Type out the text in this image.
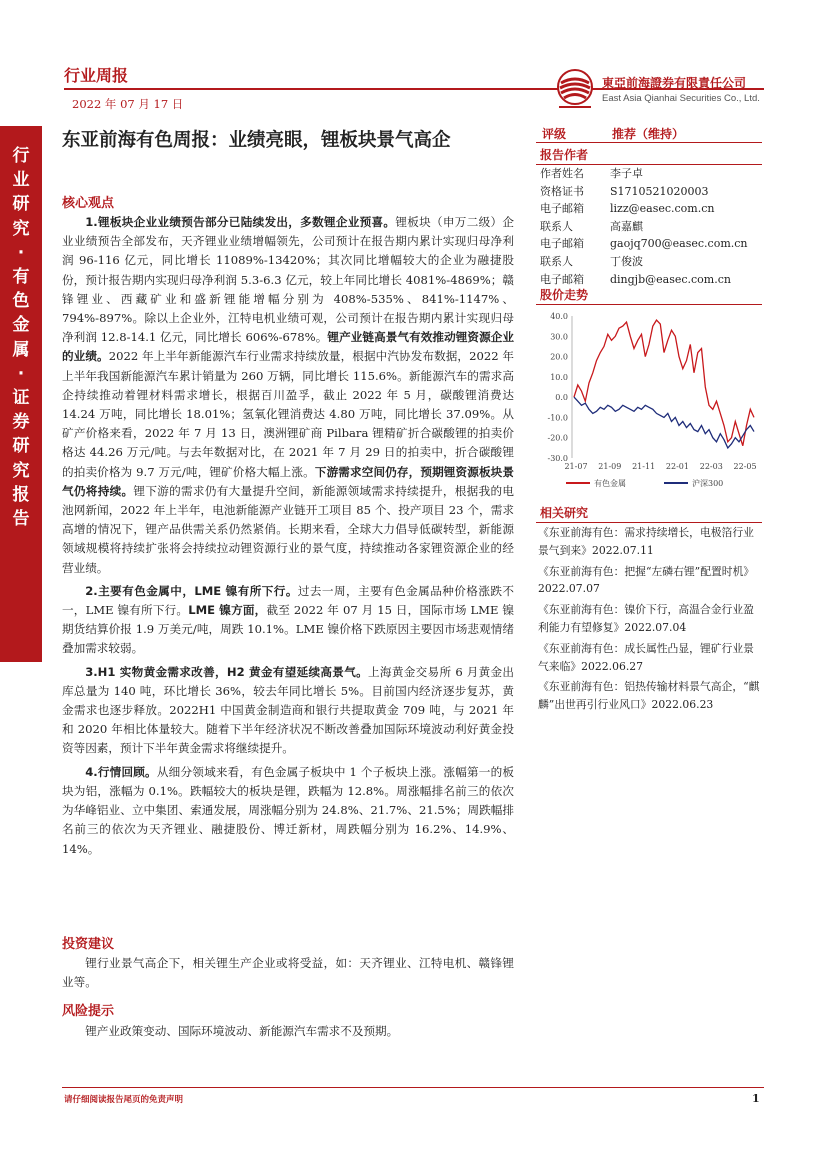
行
业
研
究
·
有
色
金
属
·
证
券
研
究
报
告
行业周报
2022 年 07 月 17 日
東亞前海證券有限責任公司
East Asia Qianhai Securities Co., Ltd.
东亚前海有色周报：业绩亮眼，锂板块景气高企
核心观点

1.锂板块企业业绩预告部分已陆续发出，多数锂企业预喜。锂板块（申万二级）企业业绩预告全部发布，天齐锂业业绩增幅领先，公司预计在报告期内累计实现归母净利润 96-116 亿元，同比增长 11089%-13420%；其次同比增幅较大的企业为融捷股份，预计报告期内实现归母净利润 5.3-6.3 亿元，较上年同比增长 4081%-4869%；赣锋锂业、西藏矿业和盛新锂能增幅分别为 408%-535%、841%-1147%、794%-897%。除以上企业外，江特电机业绩可观，公司预计在报告期内累计实现归母净利润 12.8-14.1 亿元，同比增长 606%-678%。锂产业链高景气有效推动锂资源企业的业绩。2022 年上半年新能源汽车行业需求持续放量，根据中汽协发布数据，2022 年上半年我国新能源汽车累计销量为 260 万辆，同比增长 115.6%。新能源汽车的需求高企持续推动着锂材料需求增长，根据百川盈孚，截止 2022 年 5 月，碳酸锂消费达 14.24 万吨，同比增长 18.01%；氢氧化锂消费达 4.80 万吨，同比增长 37.09%。从矿产价格来看，2022 年 7 月 13 日，澳洲锂矿商 Pilbara 锂精矿折合碳酸锂的拍卖价格达 44.26 万元/吨。与去年数据对比，在 2021 年 7 月 29 日的拍卖中，折合碳酸锂的拍卖价格为 9.7 万元/吨，锂矿价格大幅上涨。下游需求空间仍存，预期锂资源板块景气仍将持续。锂下游的需求仍有大量提升空间，新能源领域需求持续提升，根据我的电池网新闻，2022 年上半年，电池新能源产业链开工项目 85 个、投产项目 23 个，需求高增的情况下，锂产品供需关系仍然紧俏。长期来看，全球大力倡导低碳转型，新能源领域规模将持续扩张将会持续拉动锂资源行业的景气度，持续推动各家锂资源企业的经营业绩。

2.主要有色金属中，LME 镍有所下行。过去一周，主要有色金属品种价格涨跌不一，LME 镍有所下行。LME 镍方面，截至 2022 年 07 月 15 日，国际市场 LME 镍期货结算价报 1.9 万美元/吨，周跌 10.1%。LME 镍价格下跌原因主要因市场悲观情绪叠加需求较弱。

3.H1 实物黄金需求改善，H2 黄金有望延续高景气。上海黄金交易所 6 月黄金出库总量为 140 吨，环比增长 36%，较去年同比增长 5%。目前国内经济逐步复苏，黄金需求也逐步释放。2022H1 中国黄金制造商和银行共提取黄金 709 吨，与 2021 年和 2020 年相比体量较大。随着下半年经济状况不断改善叠加国际环境波动利好黄金投资等因素，预计下半年黄金需求将继续提升。

4.行情回顾。从细分领域来看，有色金属子板块中 1 个子板块上涨。涨幅第一的板块为铝，涨幅为 0.1%。跌幅较大的板块是锂，跌幅为 12.8%。周涨幅排名前三的依次为华峰铝业、立中集团、索通发展，周涨幅分别为 24.8%、21.7%、21.5%；周跌幅排名前三的依次为天齐锂业、融捷股份、博迁新材，周跌幅分别为 16.2%、14.9%、14%。

投资建议

锂行业景气高企下，相关锂生产企业或将受益，如：天齐锂业、江特电机、赣锋锂业等。

风险提示

锂产业政策变动、国际环境波动、新能源汽车需求不及预期。

评级	推荐（维持）
报告作者
作者姓名	李子卓
资格证书	S1710521020003
电子邮箱	lizz@easec.com.cn
联系人	高嘉麒
电子邮箱	gaojq700@easec.com.cn
联系人	丁俊波
电子邮箱	dingjb@easec.com.cn
股价走势
40.0
30.0
20.0
10.0
0.0
-10.0
-20.0
-30.0
21-07 21-09 21-11 22-01 22-03 22-05
有色金属	沪深300
相关研究
《东亚前海有色：需求持续增长，电极箔行业景气到来》2022.07.11
《东亚前海有色：把握“左磷右锂”配置时机》2022.07.07
《东亚前海有色：镍价下行，高温合金行业盈利能力有望修复》2022.07.04
《东亚前海有色：成长属性凸显，锂矿行业景气来临》2022.06.27
《东亚前海有色：铝热传输材料景气高企，“麒麟”出世再引行业风口》2022.06.23
请仔细阅读报告尾页的免责声明	1
